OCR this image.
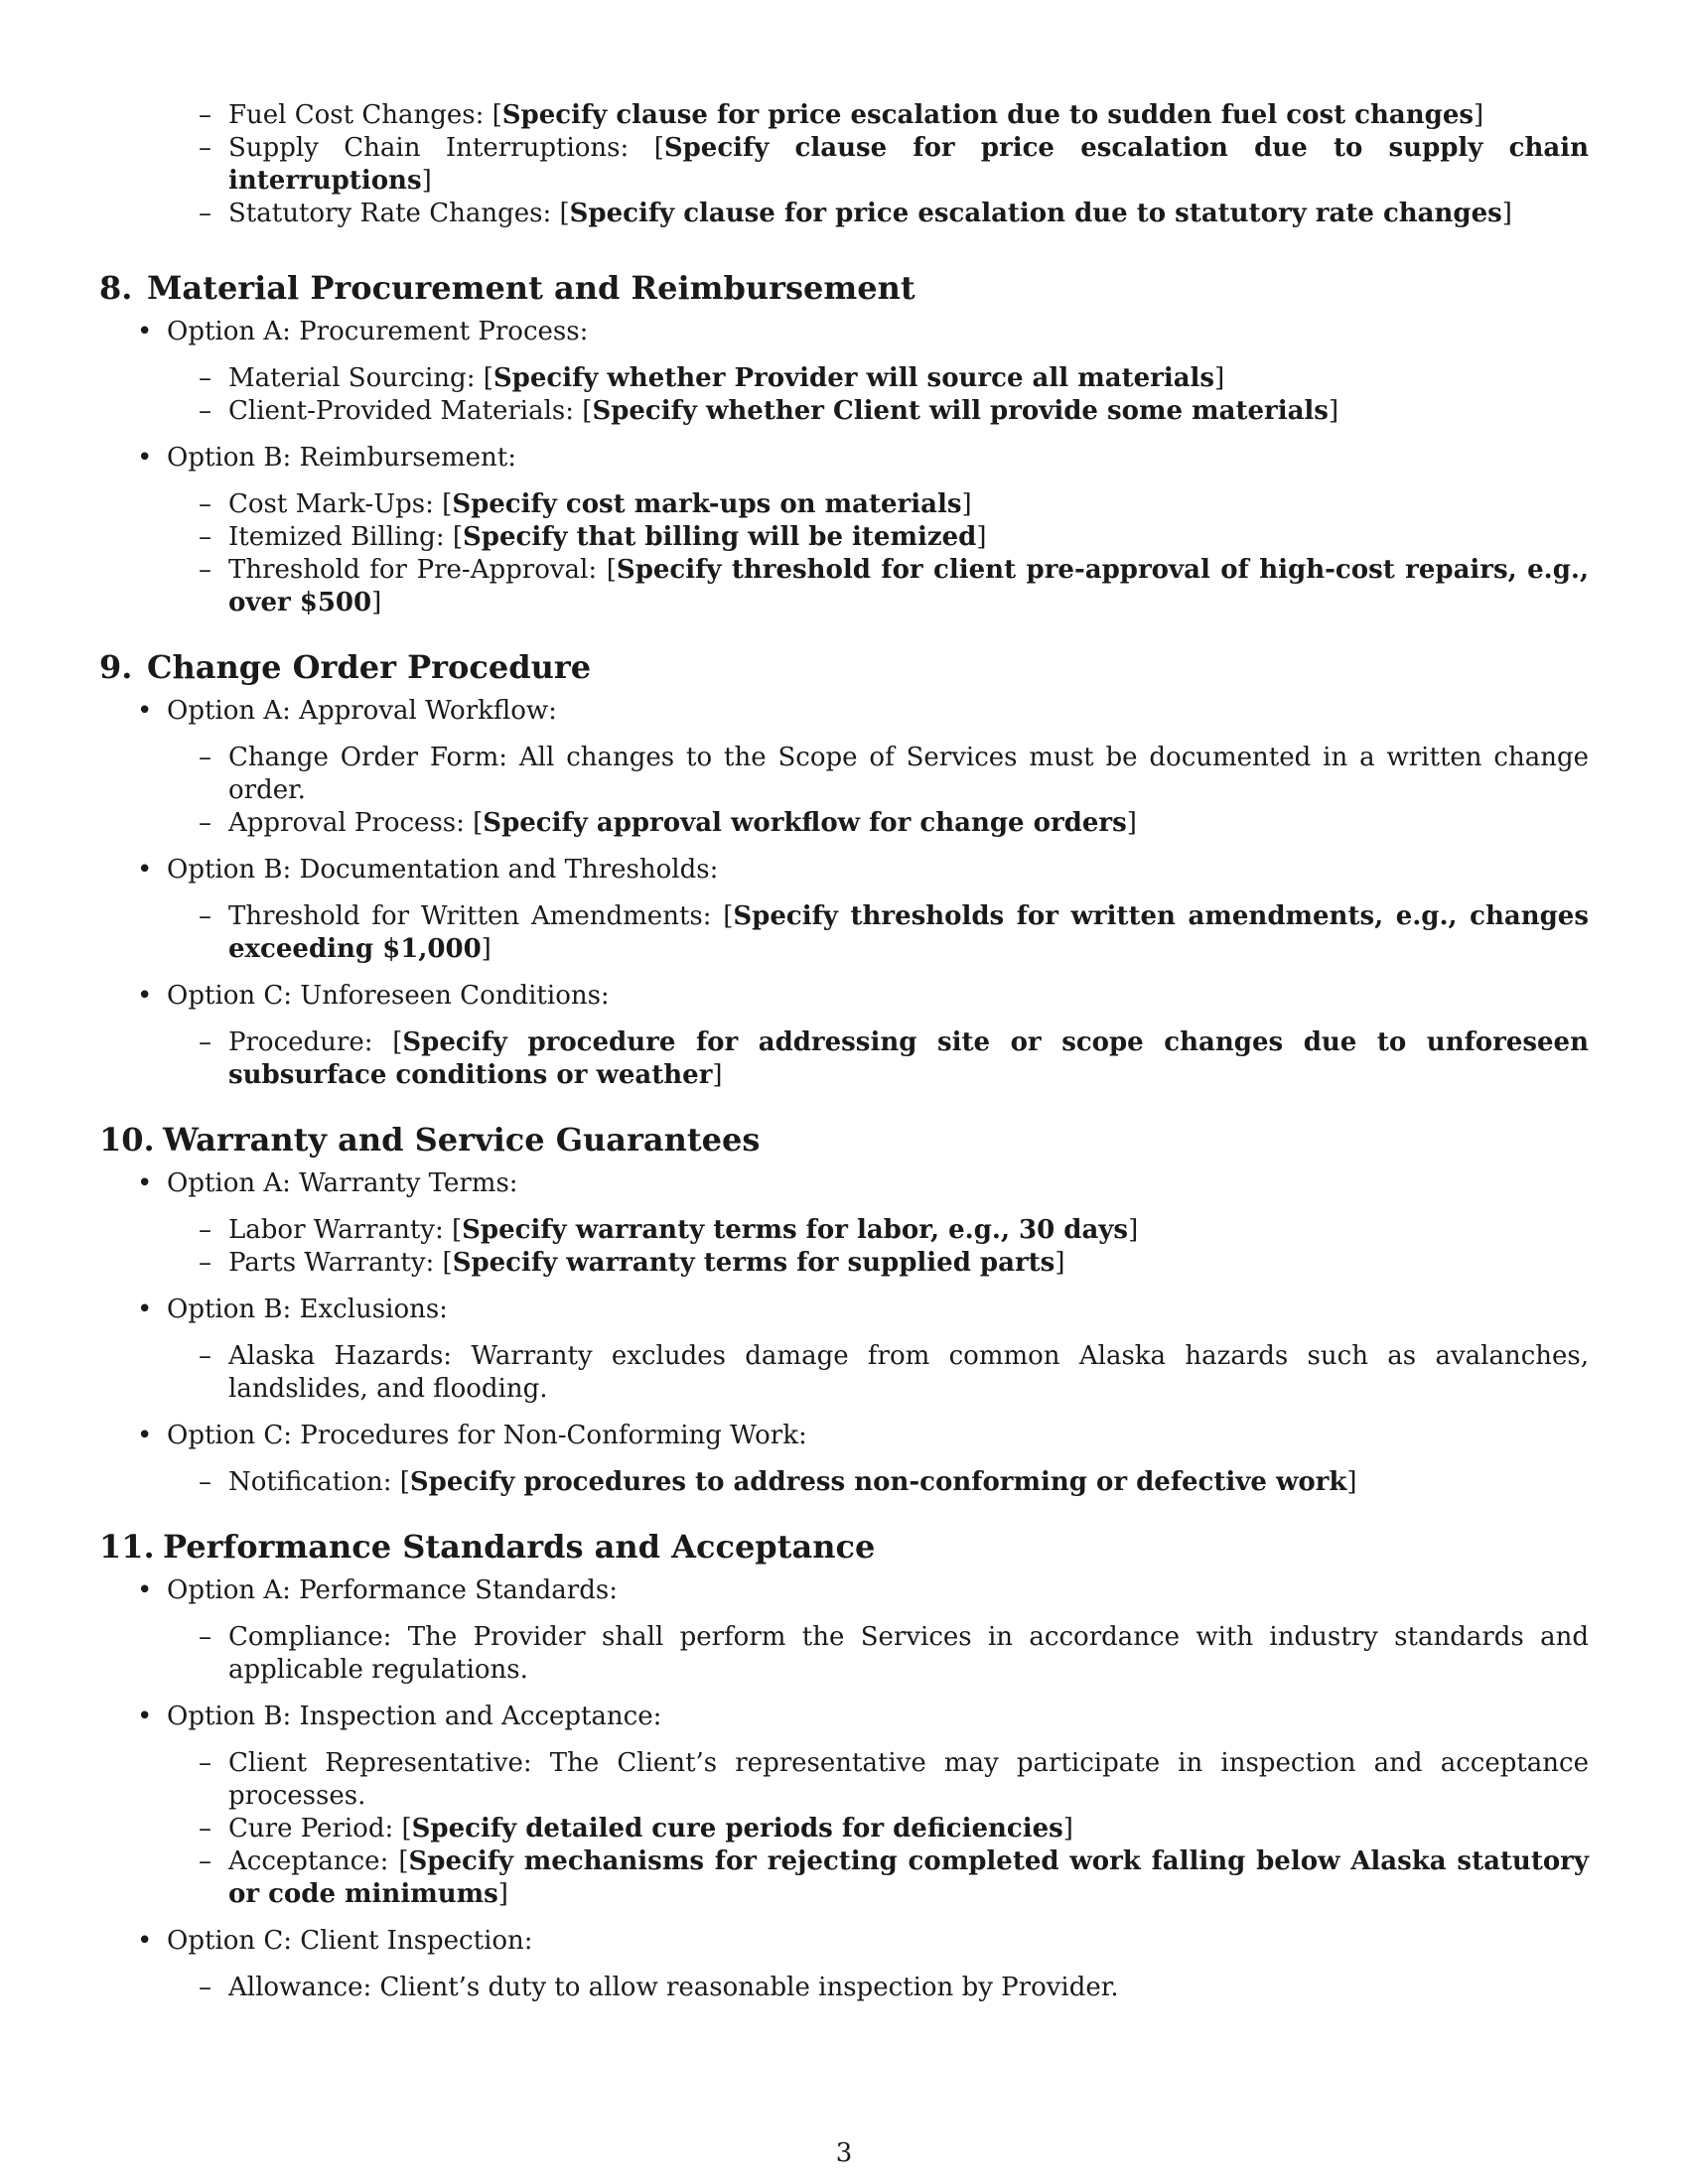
– Fuel Cost Changes: [Specify clause for price escalation due to sudden fuel cost changes]
– Supply Chain Interruptions: [Specify clause for price escalation due to supply chain interruptions]
– Statutory Rate Changes: [Specify clause for price escalation due to statutory rate changes]
8. Material Procurement and Reimbursement
• Option A: Procurement Process:
– Material Sourcing: [Specify whether Provider will source all materials]
– Client-Provided Materials: [Specify whether Client will provide some materials]
• Option B: Reimbursement:
– Cost Mark-Ups: [Specify cost mark-ups on materials]
– Itemized Billing: [Specify that billing will be itemized]
– Threshold for Pre-Approval: [Specify threshold for client pre-approval of high-cost repairs, e.g., over $500]
9. Change Order Procedure
• Option A: Approval Workflow:
– Change Order Form: All changes to the Scope of Services must be documented in a written change order.
– Approval Process: [Specify approval workflow for change orders]
• Option B: Documentation and Thresholds:
– Threshold for Written Amendments: [Specify thresholds for written amendments, e.g., changes exceeding $1,000]
• Option C: Unforeseen Conditions:
– Procedure: [Specify procedure for addressing site or scope changes due to unforeseen subsurface conditions or weather]
10. Warranty and Service Guarantees
• Option A: Warranty Terms:
– Labor Warranty: [Specify warranty terms for labor, e.g., 30 days]
– Parts Warranty: [Specify warranty terms for supplied parts]
• Option B: Exclusions:
– Alaska Hazards: Warranty excludes damage from common Alaska hazards such as avalanches, landslides, and flooding.
• Option C: Procedures for Non-Conforming Work:
– Notification: [Specify procedures to address non-conforming or defective work]
11. Performance Standards and Acceptance
• Option A: Performance Standards:
– Compliance: The Provider shall perform the Services in accordance with industry standards and applicable regulations.
• Option B: Inspection and Acceptance:
– Client Representative: The Client’s representative may participate in inspection and acceptance processes.
– Cure Period: [Specify detailed cure periods for deficiencies]
– Acceptance: [Specify mechanisms for rejecting completed work falling below Alaska statutory or code minimums]
• Option C: Client Inspection:
– Allowance: Client’s duty to allow reasonable inspection by Provider.
3
